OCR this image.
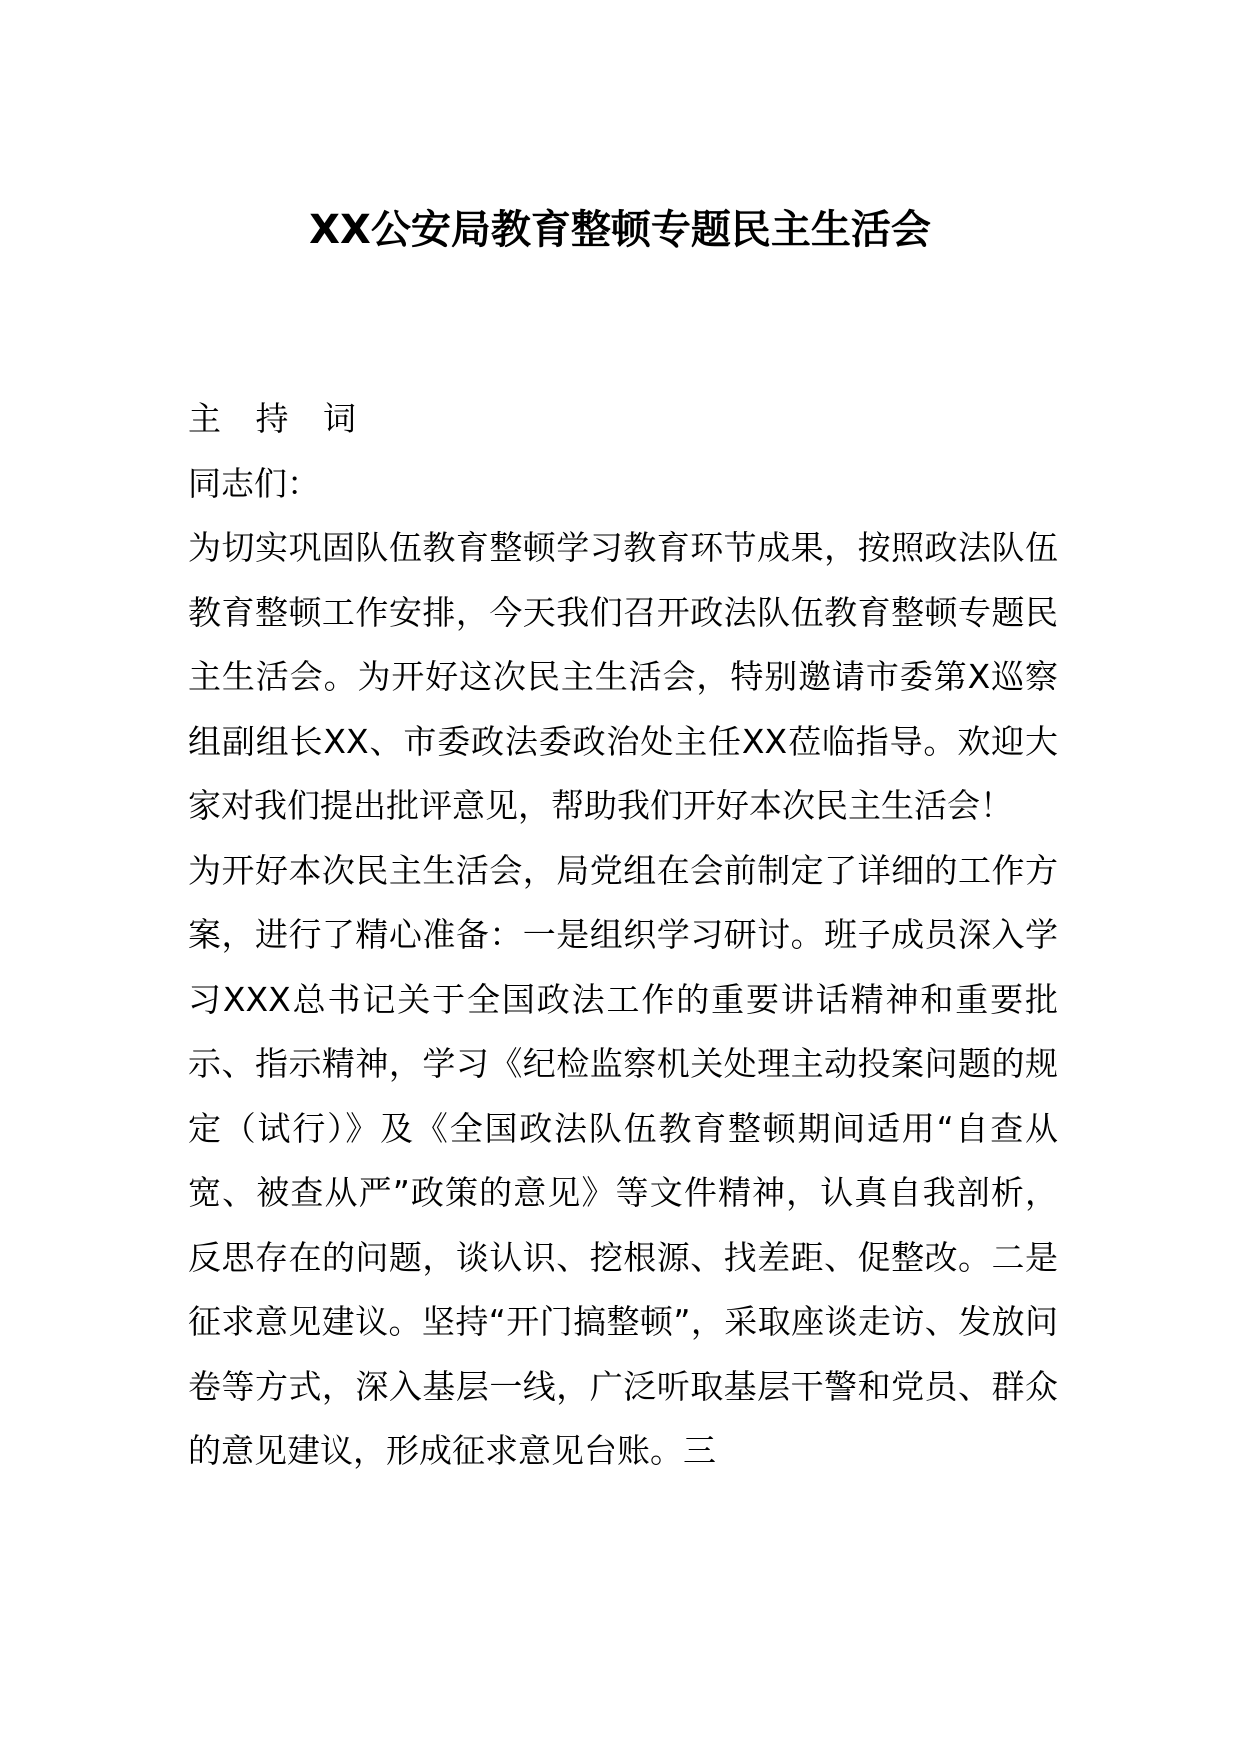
XX公安局教育整顿专题民主生活会

主 持 词

同志们：

为切实巩固队伍教育整顿学习教育环节成果，按照政法队伍教育整顿工作安排，今天我们召开政法队伍教育整顿专题民主生活会。为开好这次民主生活会，特别邀请市委第X巡察组副组长XX、市委政法委政治处主任XX莅临指导。欢迎大家对我们提出批评意见，帮助我们开好本次民主生活会！

为开好本次民主生活会，局党组在会前制定了详细的工作方案，进行了精心准备：一是组织学习研讨。班子成员深入学习XXX总书记关于全国政法工作的重要讲话精神和重要批示、指示精神，学习《纪检监察机关处理主动投案问题的规定（试行）》及《全国政法队伍教育整顿期间适用“自查从宽、被查从严”政策的意见》等文件精神，认真自我剖析，反思存在的问题，谈认识、挖根源、找差距、促整改。二是征求意见建议。坚持“开门搞整顿”，采取座谈走访、发放问卷等方式，深入基层一线，广泛听取基层干警和党员、群众的意见建议，形成征求意见台账。三
